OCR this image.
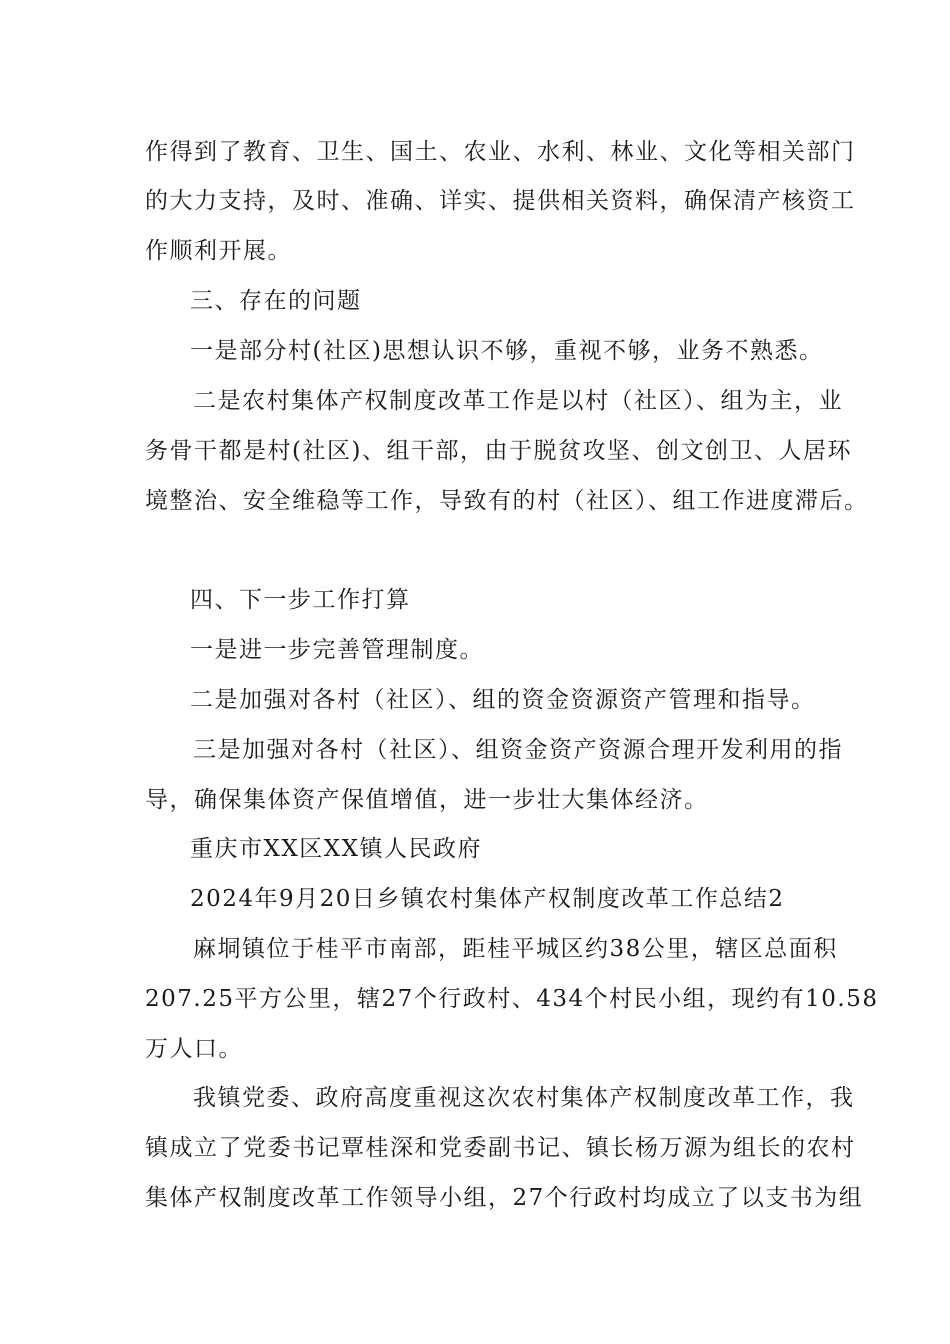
作得到了教育、卫生、国土、农业、水利、林业、文化等相关部门
的大力支持，及时、准确、详实、提供相关资料，确保清产核资工
作顺利开展。
三、存在的问题
一是部分村(社区)思想认识不够，重视不够，业务不熟悉。
二是农村集体产权制度改革工作是以村（社区）、组为主，业
务骨干都是村(社区)、组干部，由于脱贫攻坚、创文创卫、人居环
境整治、安全维稳等工作，导致有的村（社区）、组工作进度滞后。
四、下一步工作打算
一是进一步完善管理制度。
二是加强对各村（社区）、组的资金资源资产管理和指导。
三是加强对各村（社区）、组资金资产资源合理开发利用的指
导，确保集体资产保值增值，进一步壮大集体经济。
重庆市XX区XX镇人民政府
2024年9月20日乡镇农村集体产权制度改革工作总结2
麻垌镇位于桂平市南部，距桂平城区约38公里，辖区总面积
207.25平方公里，辖27个行政村、434个村民小组，现约有10.58
万人口。
我镇党委、政府高度重视这次农村集体产权制度改革工作，我
镇成立了党委书记覃桂深和党委副书记、镇长杨万源为组长的农村
集体产权制度改革工作领导小组，27个行政村均成立了以支书为组
